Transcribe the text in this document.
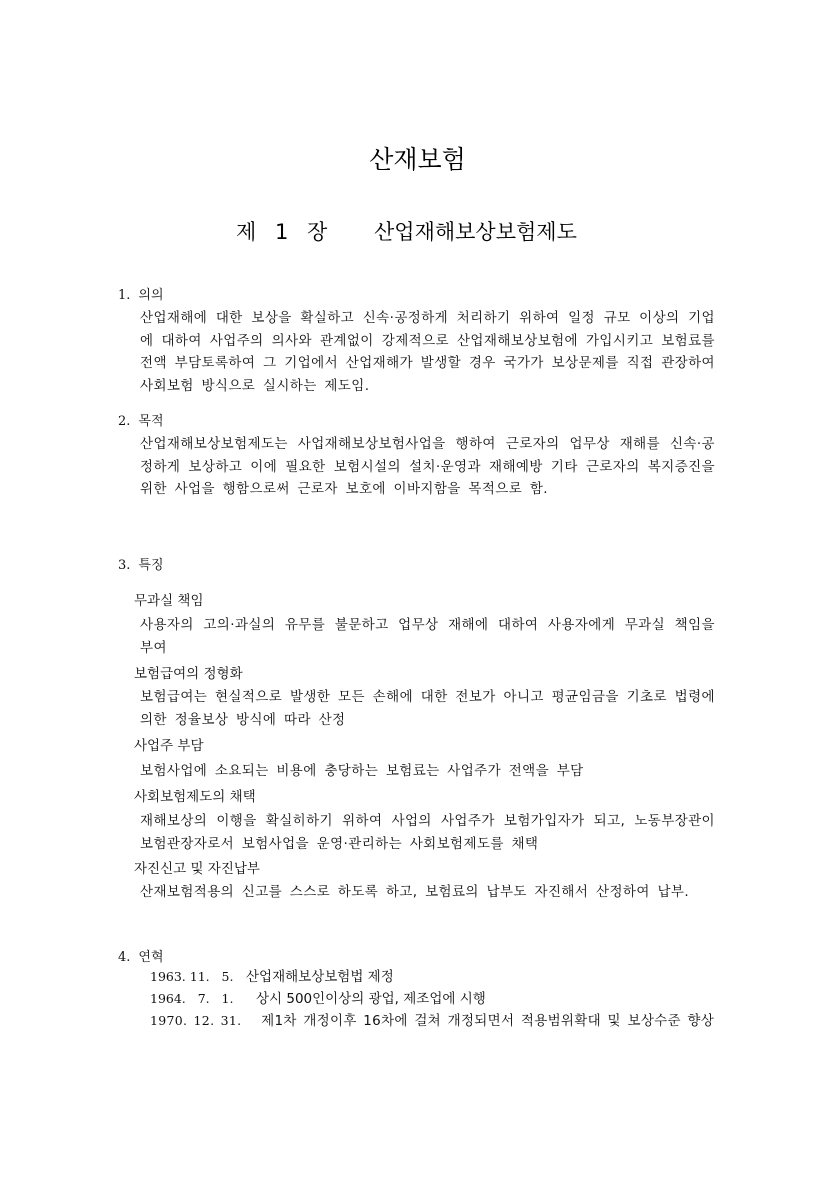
산재보험
제 1 장 산업재해보상보험제도
1. 의의
산업재해에 대한 보상을 확실하고 신속·공정하게 처리하기 위하여 일정 규모 이상의 기업에 대하여 사업주의 의사와 관계없이 강제적으로 산업재해보상보험에 가입시키고 보험료를 전액 부담토록하여 그 기업에서 산업재해가 발생할 경우 국가가 보상문제를 직접 관장하여 사회보험 방식으로 실시하는 제도임.
2. 목적
산업재해보상보험제도는 사업재해보상보험사업을 행하여 근로자의 업무상 재해를 신속·공정하게 보상하고 이에 필요한 보험시설의 설치·운영과 재해예방 기타 근로자의 복지증진을 위한 사업을 행함으로써 근로자 보호에 이바지함을 목적으로 함.
3. 특징
무과실 책임
사용자의 고의·과실의 유무를 불문하고 업무상 재해에 대하여 사용자에게 무과실 책임을 부여
보험급여의 정형화
보험급여는 현실적으로 발생한 모든 손해에 대한 전보가 아니고 평균임금을 기초로 법령에 의한 정율보상 방식에 따라 산정
사업주 부담
보험사업에 소요되는 비용에 충당하는 보험료는 사업주가 전액을 부담
사회보험제도의 채택
재해보상의 이행을 확실히하기 위하여 사업의 사업주가 보험가입자가 되고, 노동부장관이 보험관장자로서 보험사업을 운영·관리하는 사회보험제도를 채택
자진신고 및 자진납부
산재보험적용의 신고를 스스로 하도록 하고, 보험료의 납부도 자진해서 산정하여 납부.
4. 연혁
1963. 11.   5. 산업재해보상보험법 제정
1964.   7.   1. 상시 500인이상의 광업, 제조업에 시행
1970. 12. 31. 제1차 개정이후 16차에 걸쳐 개정되면서 적용범위확대 및 보상수준 향상
